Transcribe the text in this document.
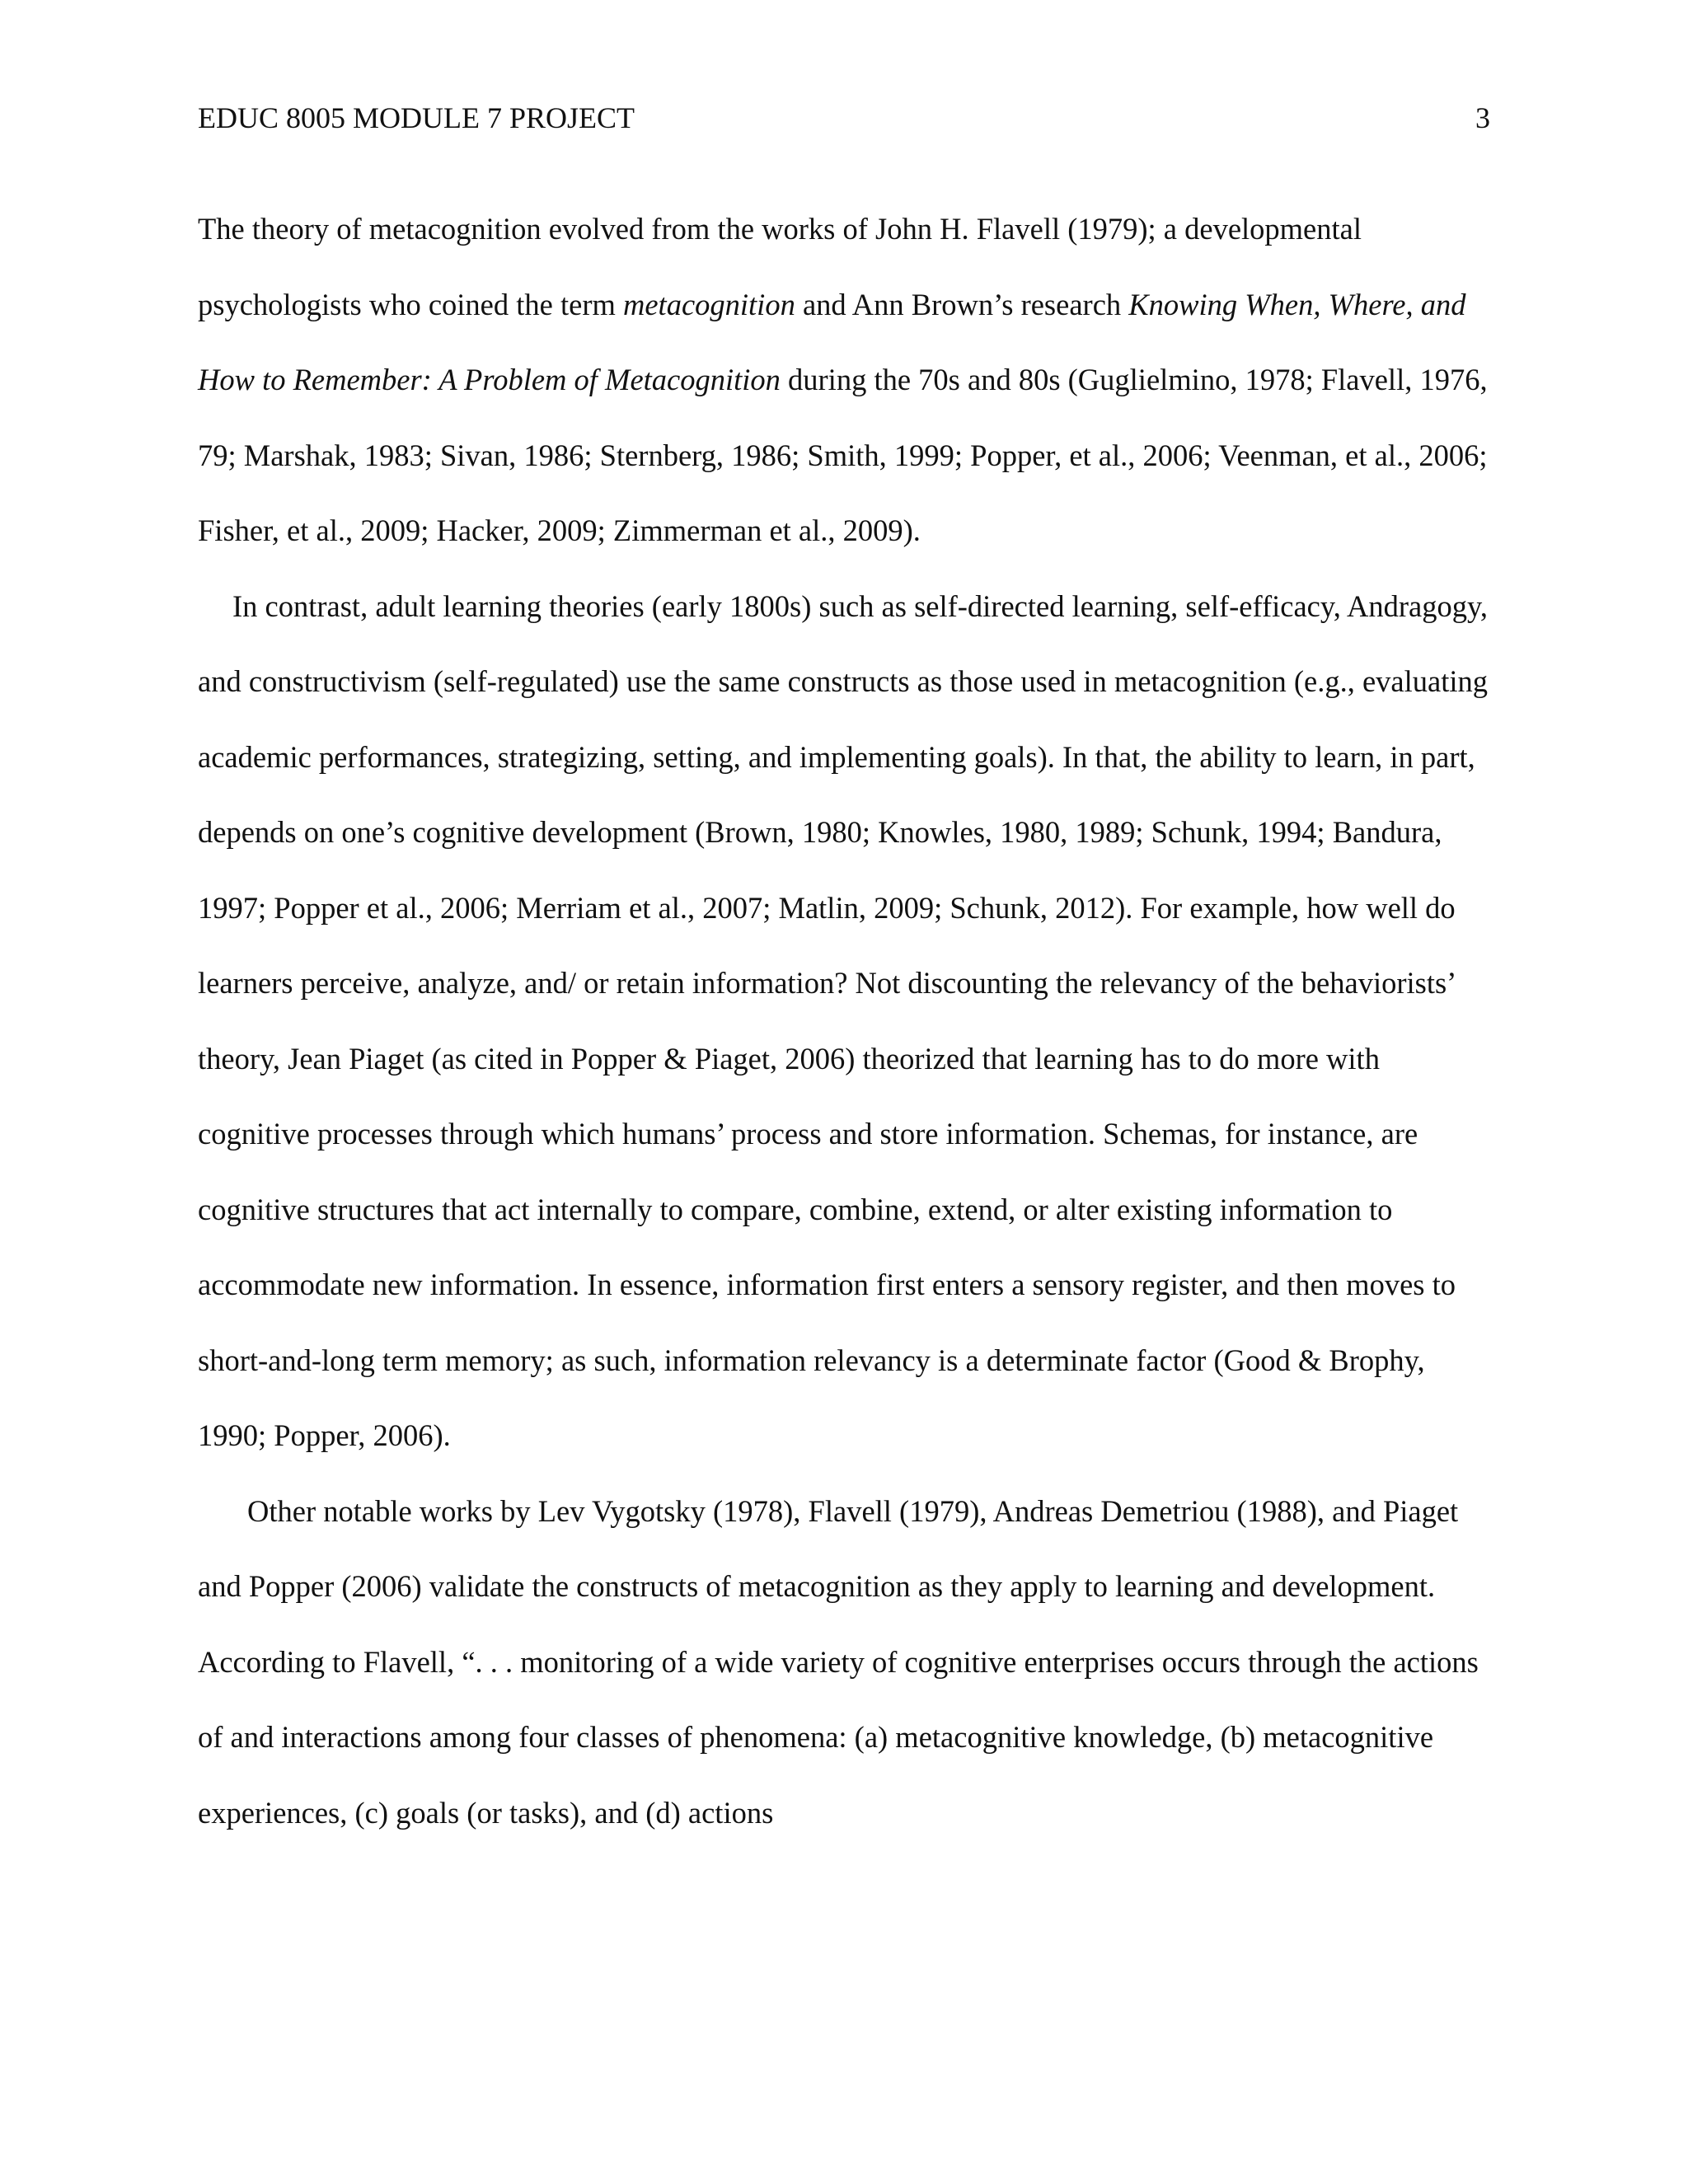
EDUC 8005 MODULE 7 PROJECT	3

The theory of metacognition evolved from the works of John H. Flavell (1979); a developmental psychologists who coined the term metacognition and Ann Brown’s research Knowing When, Where, and How to Remember: A Problem of Metacognition during the 70s and 80s (Guglielmino, 1978; Flavell, 1976, 79; Marshak, 1983; Sivan, 1986; Sternberg, 1986; Smith, 1999; Popper, et al., 2006; Veenman, et al., 2006; Fisher, et al., 2009; Hacker, 2009; Zimmerman et al., 2009).

In contrast, adult learning theories (early 1800s) such as self-directed learning, self-efficacy, Andragogy, and constructivism (self-regulated) use the same constructs as those used in metacognition (e.g., evaluating academic performances, strategizing, setting, and implementing goals). In that, the ability to learn, in part, depends on one’s cognitive development (Brown, 1980; Knowles, 1980, 1989; Schunk, 1994; Bandura, 1997; Popper et al., 2006; Merriam et al., 2007; Matlin, 2009; Schunk, 2012). For example, how well do learners perceive, analyze, and/ or retain information? Not discounting the relevancy of the behaviorists’ theory, Jean Piaget (as cited in Popper & Piaget, 2006) theorized that learning has to do more with cognitive processes through which humans’ process and store information. Schemas, for instance, are cognitive structures that act internally to compare, combine, extend, or alter existing information to accommodate new information. In essence, information first enters a sensory register, and then moves to short-and-long term memory; as such, information relevancy is a determinate factor (Good & Brophy, 1990; Popper, 2006).

Other notable works by Lev Vygotsky (1978), Flavell (1979), Andreas Demetriou (1988), and Piaget and Popper (2006) validate the constructs of metacognition as they apply to learning and development. According to Flavell, “. . . monitoring of a wide variety of cognitive enterprises occurs through the actions of and interactions among four classes of phenomena: (a) metacognitive knowledge, (b) metacognitive experiences, (c) goals (or tasks), and (d) actions
